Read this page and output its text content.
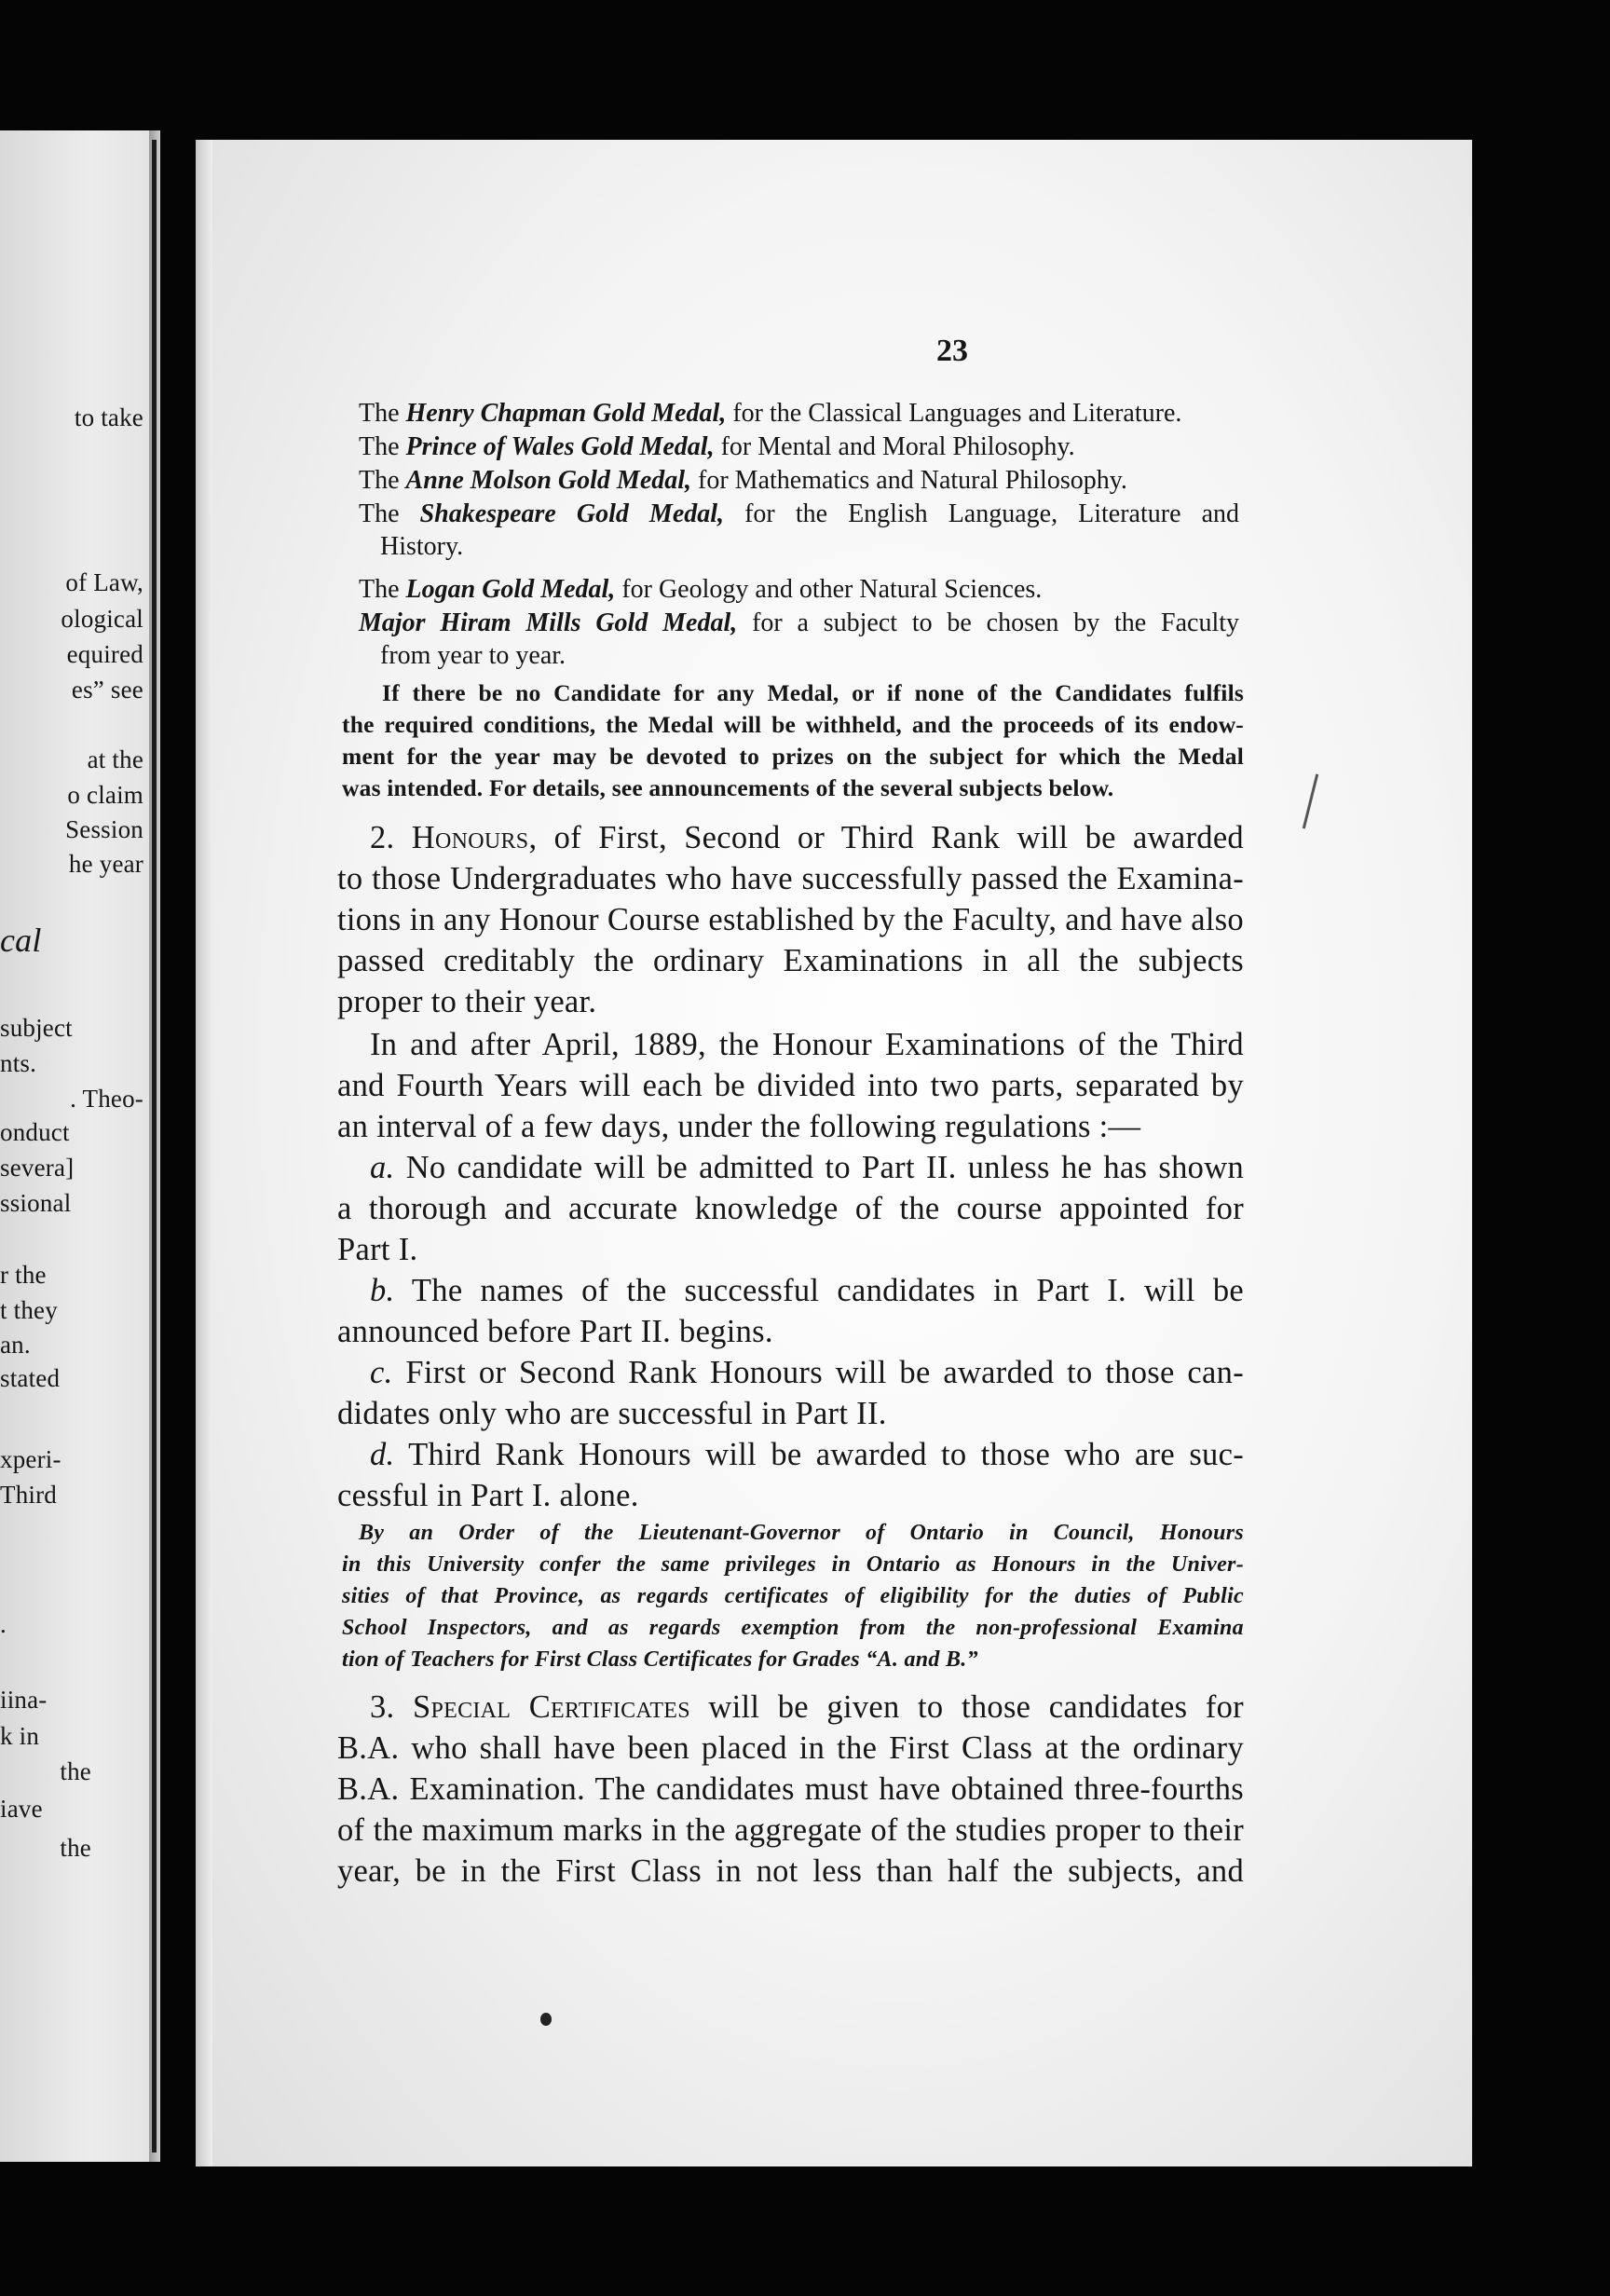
to take
of Law,
ological
equired
es” see
at the
o claim
Session
he year
cal
subject
nts.
. Theo-
onduct
severa]
ssional
r the
t they
an.
stated
xperi-
Third
.
iina-
k in
the
iave
the
23
The Henry Chapman Gold Medal, for the Classical Languages and Literature.
The Prince of Wales Gold Medal, for Mental and Moral Philosophy.
The Anne Molson Gold Medal, for Mathematics and Natural Philosophy.
The Shakespeare Gold Medal, for the English Language, Literature and
History.
The Logan Gold Medal, for Geology and other Natural Sciences.
Major Hiram Mills Gold Medal, for a subject to be chosen by the Faculty
from year to year.
If there be no Candidate for any Medal, or if none of the Candidates fulfils
the required conditions, the Medal will be withheld, and the proceeds of its endow-
ment for the year may be devoted to prizes on the subject for which the Medal
was intended. For details, see announcements of the several subjects below.
2. Honours, of First, Second or Third Rank will be awarded
to those Undergraduates who have successfully passed the Examina-
tions in any Honour Course established by the Faculty, and have also
passed creditably the ordinary Examinations in all the subjects
proper to their year.
In and after April, 1889, the Honour Examinations of the Third
and Fourth Years will each be divided into two parts, separated by
an interval of a few days, under the following regulations :—
a. No candidate will be admitted to Part II. unless he has shown
a thorough and accurate knowledge of the course appointed for
Part I.
b. The names of the successful candidates in Part I. will be
announced before Part II. begins.
c. First or Second Rank Honours will be awarded to those can-
didates only who are successful in Part II.
d. Third Rank Honours will be awarded to those who are suc-
cessful in Part I. alone.
By an Order of the Lieutenant-Governor of Ontario in Council, Honours
in this University confer the same privileges in Ontario as Honours in the Univer-
sities of that Province, as regards certificates of eligibility for the duties of Public
School Inspectors, and as regards exemption from the non-professional Examina
tion of Teachers for First Class Certificates for Grades “A. and B.”
3. Special Certificates will be given to those candidates for
B.A. who shall have been placed in the First Class at the ordinary
B.A. Examination. The candidates must have obtained three-fourths
of the maximum marks in the aggregate of the studies proper to their
year, be in the First Class in not less than half the subjects, and
